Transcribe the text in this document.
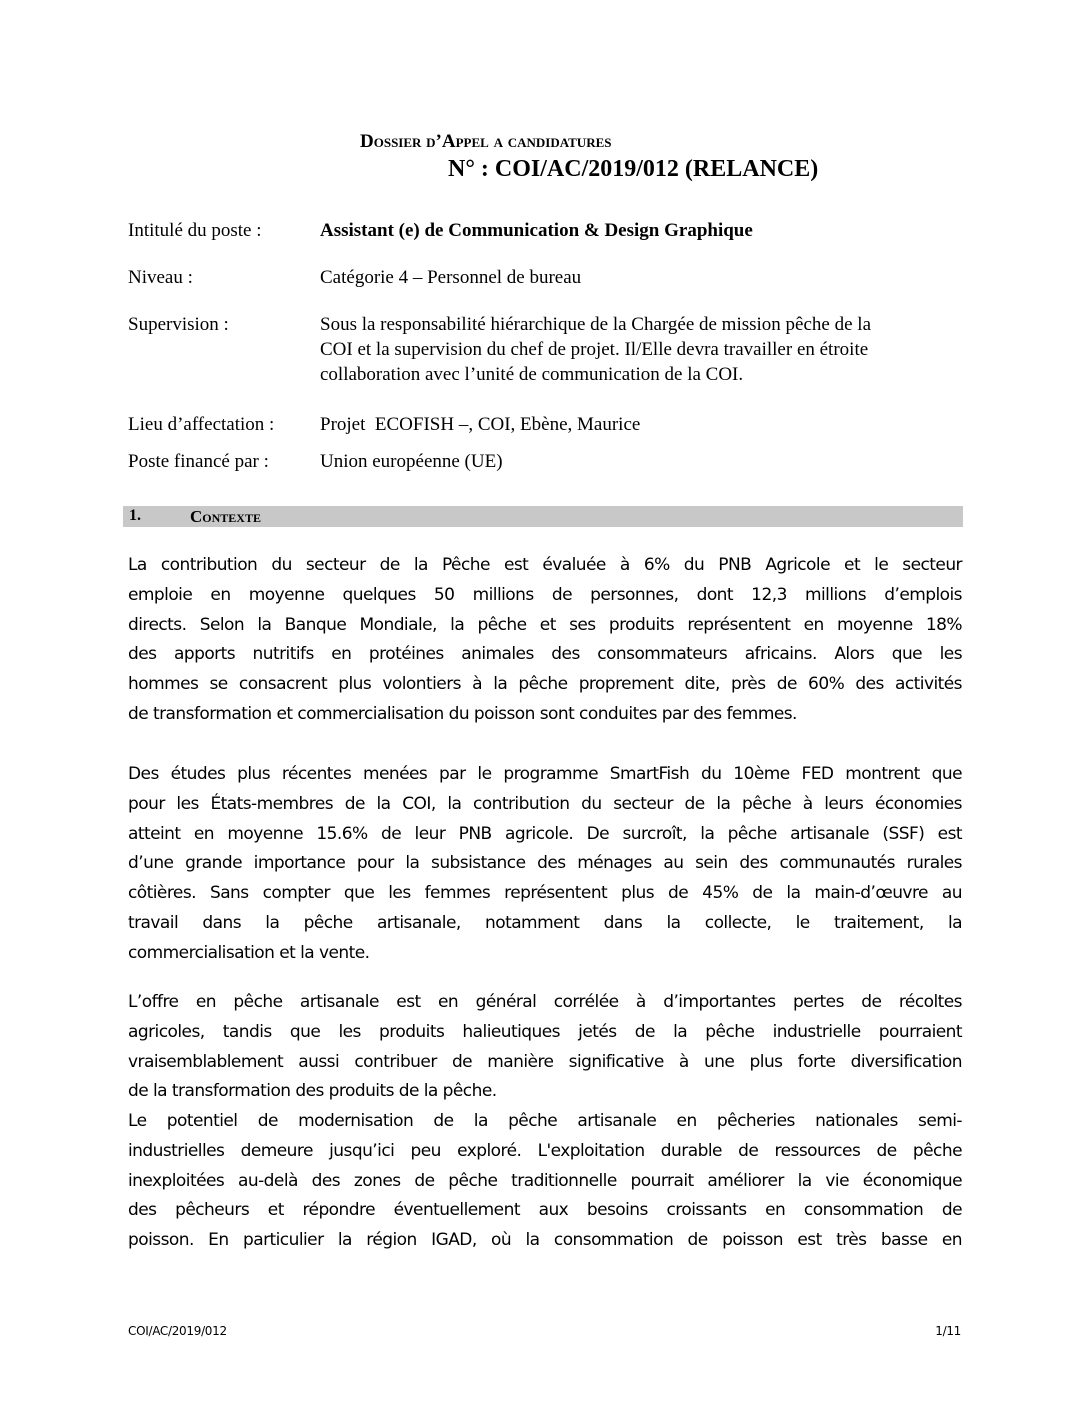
Dossier d’Appel a candidatures
N° : COI/AC/2019/012 (RELANCE)
Intitulé du poste :	Assistant (e) de Communication & Design Graphique
Niveau :	Catégorie 4 – Personnel de bureau
Supervision :	Sous la responsabilité hiérarchique de la Chargée de mission pêche de la
COI et la supervision du chef de projet. Il/Elle devra travailler en étroite
collaboration avec l’unité de communication de la COI.
Lieu d’affectation :	Projet  ECOFISH –, COI, Ebène, Maurice
Poste financé par :	Union européenne (UE)
1.	Contexte
La contribution du secteur de la Pêche est évaluée à 6% du PNB Agricole et le secteur
emploie en moyenne quelques 50 millions de personnes, dont 12,3 millions d’emplois
directs. Selon la Banque Mondiale, la pêche et ses produits représentent en moyenne 18%
des apports nutritifs en protéines animales des consommateurs africains. Alors que les
hommes se consacrent plus volontiers à la pêche proprement dite, près de 60% des activités
de transformation et commercialisation du poisson sont conduites par des femmes.
Des études plus récentes menées par le programme SmartFish du 10ème FED montrent que
pour les États-membres de la COI, la contribution du secteur de la pêche à leurs économies
atteint en moyenne 15.6% de leur PNB agricole. De surcroît, la pêche artisanale (SSF) est
d’une grande importance pour la subsistance des ménages au sein des communautés rurales
côtières. Sans compter que les femmes représentent plus de 45% de la main-d’œuvre au
travail dans la pêche artisanale, notamment dans la collecte, le traitement, la
commercialisation et la vente.
L’offre en pêche artisanale est en général corrélée à d’importantes pertes de récoltes
agricoles, tandis que les produits halieutiques jetés de la pêche industrielle pourraient
vraisemblablement aussi contribuer de manière significative à une plus forte diversification
de la transformation des produits de la pêche.
Le potentiel de modernisation de la pêche artisanale en pêcheries nationales semi-
industrielles demeure jusqu’ici peu exploré. L'exploitation durable de ressources de pêche
inexploitées au-delà des zones de pêche traditionnelle pourrait améliorer la vie économique
des pêcheurs et répondre éventuellement aux besoins croissants en consommation de
poisson. En particulier la région IGAD, où la consommation de poisson est très basse en
COI/AC/2019/012	1/11
